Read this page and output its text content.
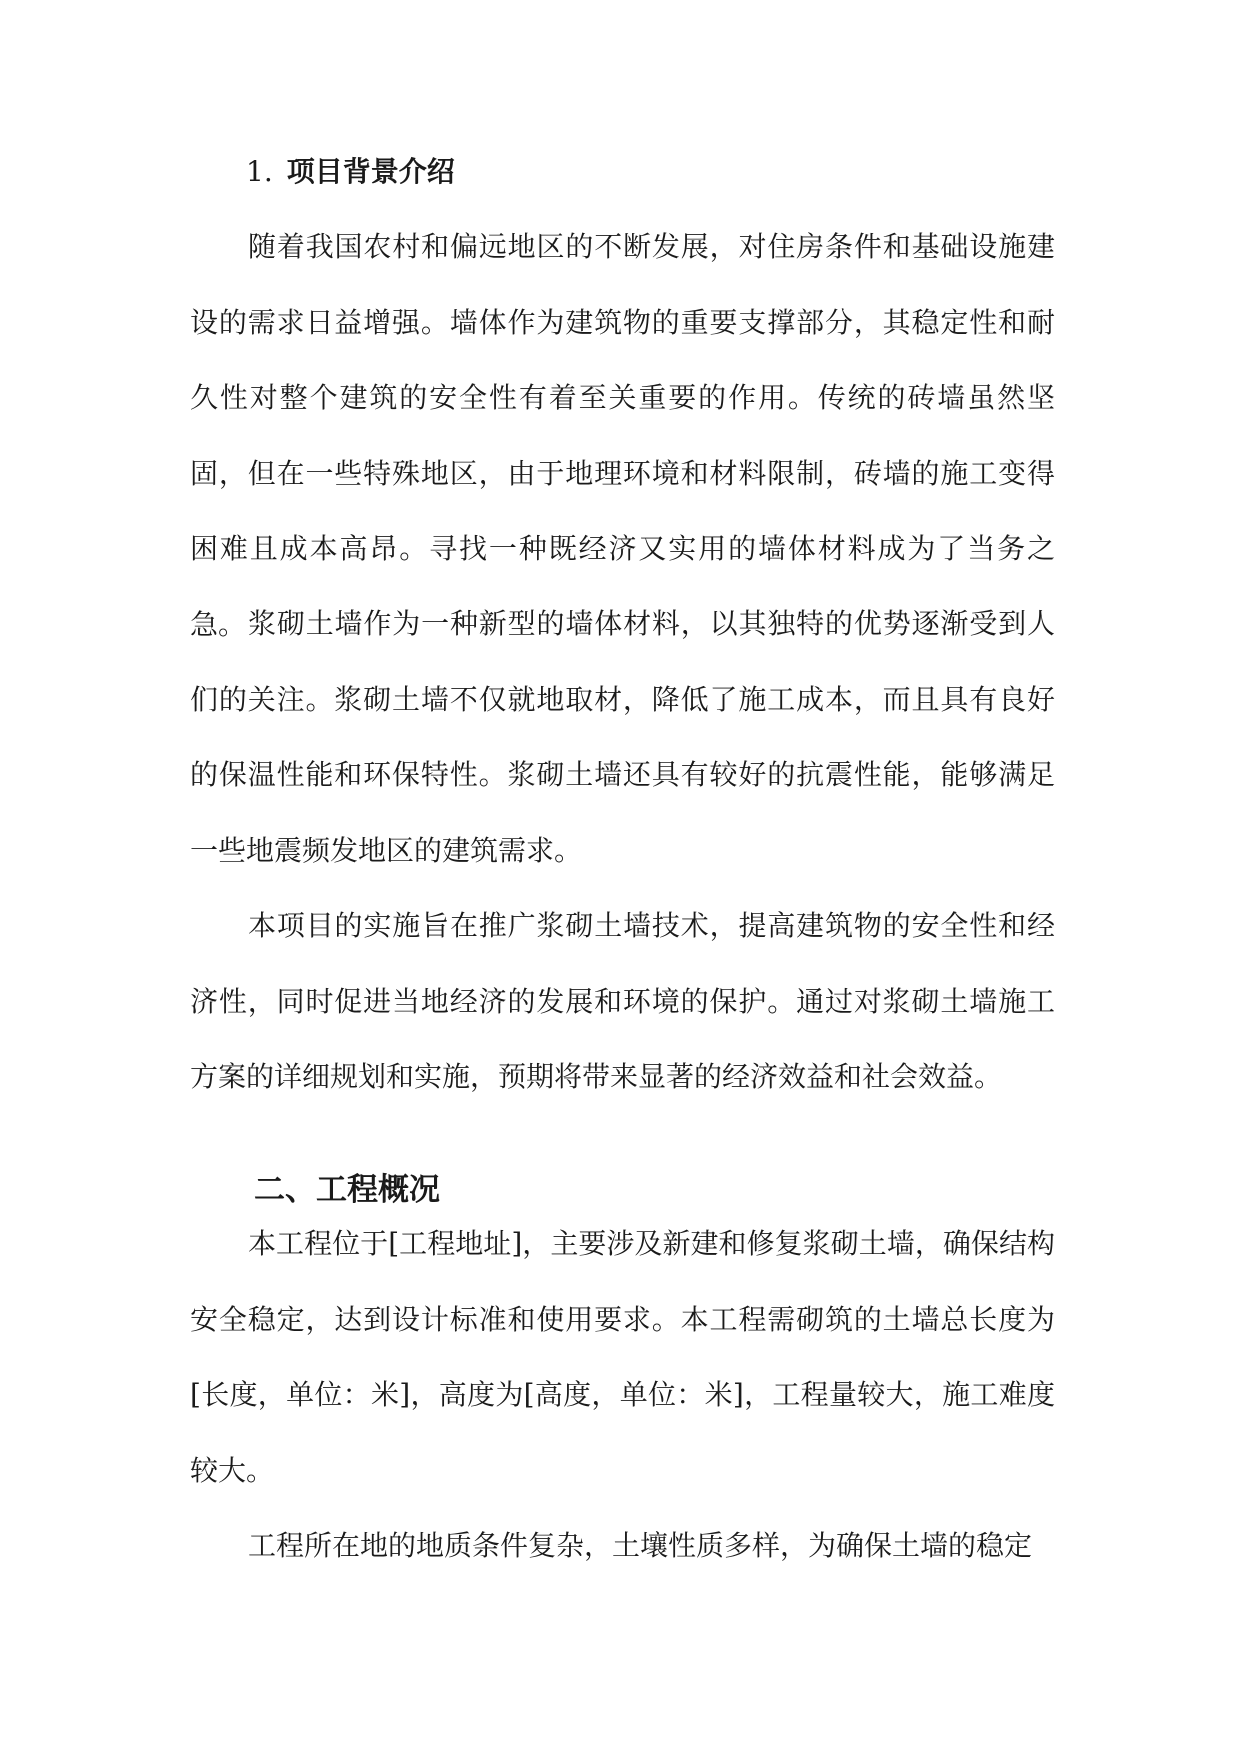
1. 项目背景介绍

随着我国农村和偏远地区的不断发展，对住房条件和基础设施建设的需求日益增强。墙体作为建筑物的重要支撑部分，其稳定性和耐久性对整个建筑的安全性有着至关重要的作用。传统的砖墙虽然坚固，但在一些特殊地区，由于地理环境和材料限制，砖墙的施工变得困难且成本高昂。寻找一种既经济又实用的墙体材料成为了当务之急。 浆砌土墙作为一种新型的墙体材料，以其独特的优势逐渐受到人们的关注。浆砌土墙不仅就地取材，降低了施工成本，而且具有良好的保温性能和环保特性。浆砌土墙还具有较好的抗震性能，能够满足一些地震频发地区的建筑需求。

本项目的实施旨在推广浆砌土墙技术，提高建筑物的安全性和经济性，同时促进当地经济的发展和环境的保护。通过对浆砌土墙施工方案的详细规划和实施，预期将带来显著的经济效益和社会效益。

二、工程概况

本工程位于[工程地址]，主要涉及新建和修复浆砌土墙，确保结构安全稳定，达到设计标准和使用要求。本工程需砌筑的土墙总长度为[长度，单位：米]，高度为[高度，单位：米]，工程量较大，施工难度较大。

工程所在地的地质条件复杂，土壤性质多样，为确保土墙的稳定
